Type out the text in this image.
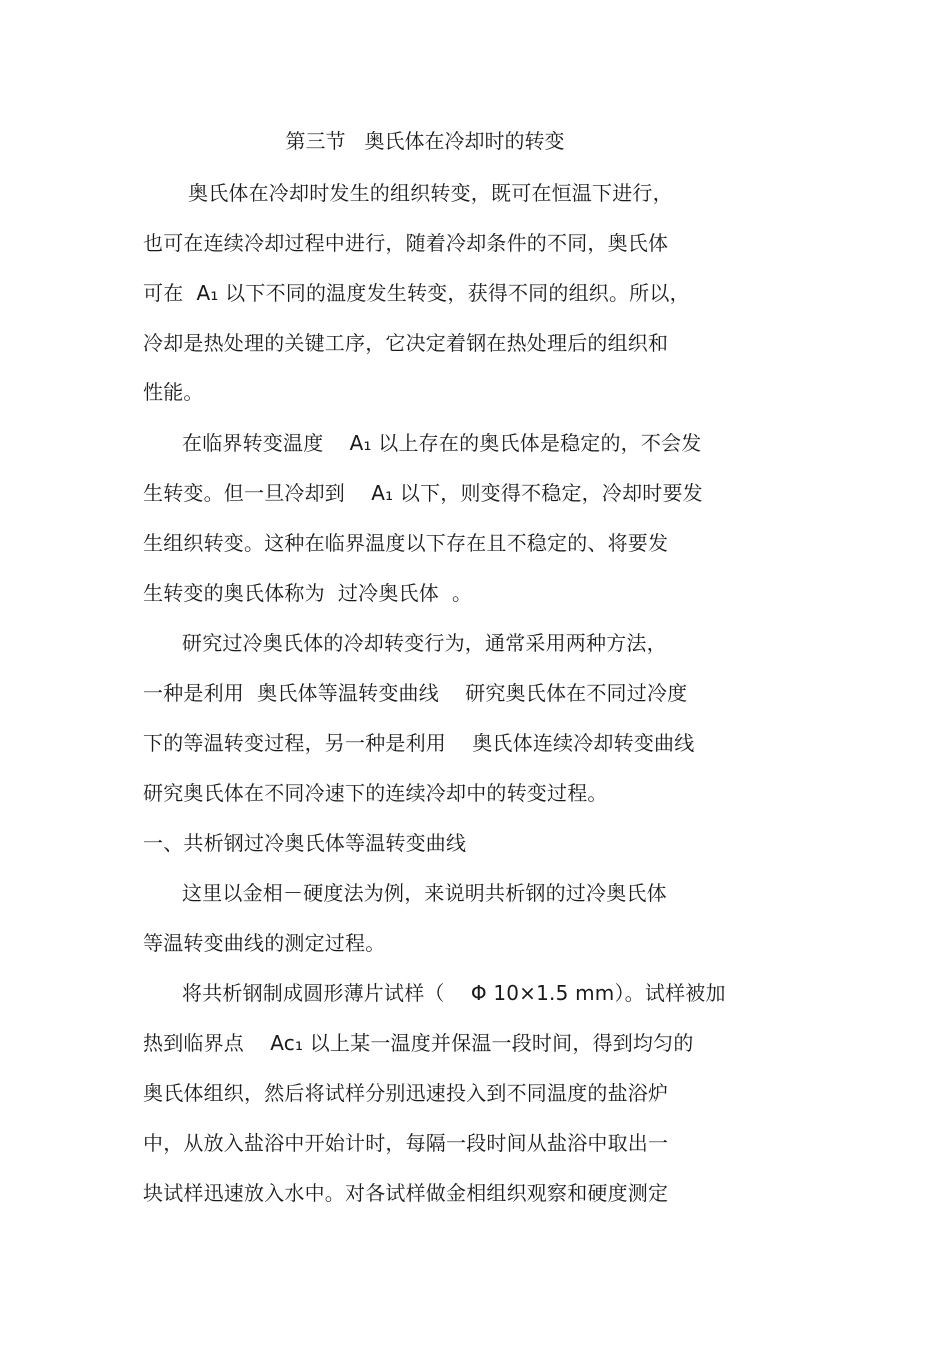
第三节   奥氏体在冷却时的转变
奥氏体在冷却时发生的组织转变，既可在恒温下进行，
也可在连续冷却过程中进行，随着冷却条件的不同，奥氏体
可在  A₁ 以下不同的温度发生转变，获得不同的组织。所以，
冷却是热处理的关键工序，它决定着钢在热处理后的组织和
性能。
在临界转变温度    A₁ 以上存在的奥氏体是稳定的，不会发
生转变。但一旦冷却到    A₁ 以下，则变得不稳定，冷却时要发
生组织转变。这种在临界温度以下存在且不稳定的、将要发
生转变的奥氏体称为  过冷奥氏体  。
研究过冷奥氏体的冷却转变行为，通常采用两种方法，
一种是利用  奥氏体等温转变曲线    研究奥氏体在不同过冷度
下的等温转变过程，另一种是利用    奥氏体连续冷却转变曲线
研究奥氏体在不同冷速下的连续冷却中的转变过程。
一、共析钢过冷奥氏体等温转变曲线
这里以金相－硬度法为例，来说明共析钢的过冷奥氏体
等温转变曲线的测定过程。
将共析钢制成圆形薄片试样（    Φ 10×1.5 mm）。试样被加
热到临界点    Ac₁ 以上某一温度并保温一段时间，得到均匀的
奥氏体组织，然后将试样分别迅速投入到不同温度的盐浴炉
中，从放入盐浴中开始计时，每隔一段时间从盐浴中取出一
块试样迅速放入水中。对各试样做金相组织观察和硬度测定
